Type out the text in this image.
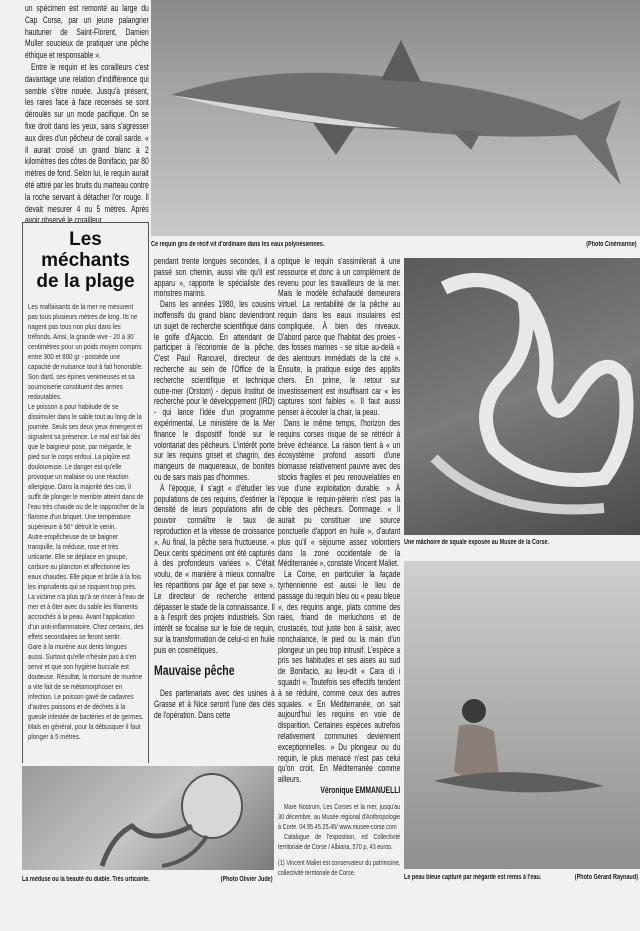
un spécimen est remonté au large du Cap Corse, par un jeune palangrier hauturier de Saint-Florent, Damien Muller soucieux de pratiquer une pêche éthique et responsable ».

Entre le requin et les corailleurs c'est davantage une relation d'indifférence qui semble s'être nouée. Jusqu'à présent, les rares face à face recensés se sont déroulés sur un mode pacifique. On se fixe droit dans les yeux, sans s'agresser aux dires d'un pêcheur de corail sarde. « Il aurait croisé un grand blanc à 2 kilomètres des côtes de Bonifacio, par 80 mètres de fond. Selon lui, le requin aurait été attiré par les bruits du marteau contre la roche servant à détacher l'or rouge. Il devait mesurer 4 ou 5 mètres. Après avoir observé le corailleur

Ce requin gris de récif vit d'ordinaire dans les eaux polynésiennes.	(Photo Cinémarine)
Les méchants de la plage

Les malfaisants de la mer ne mesurent pas tous plusieurs mètres de long. Ils ne nagent pas tous non plus dans les tréfonds. Ainsi, la grande vive - 20 à 30 centimètres pour un poids moyen compris entre 300 et 800 gr - possède une capacité de nuisance tout à fait honorable. Son dard, ses épines venimeuses et sa sournoiserie constituent des armes redoutables.

Le poisson a pour habitude de se dissimuler dans le sable tout au long de la journée. Seuls ses deux yeux émergent et signalent sa présence. Le mal est fait dès que le baigneur pose, par mégarde, le pied sur le corps enfoui. La piqûre est douloureuse. Le danger est qu'elle provoque un malaise ou une réaction allergique. Dans la majorité des cas, il suffit de plonger le membre atteint dans de l'eau très chaude ou de le rapprocher de la flamme d'un briquet. Une température supérieure à 56° détruit le venin.

Autre empêcheuse de se baigner tranquille, la méduse, rose et très urticante. Elle se déplace en groupe, carbure au plancton et affectionne les eaux chaudes. Elle pique et brûle à la fois les imprudents qui se risquent trop près. La victime n'a plus qu'à se rincer à l'eau de mer et à ôter avec du sable les filaments accrochés à la peau. Avant l'application d'un anti-inflammatoire. Chez certains, des effets secondaires se feront sentir.

Gare à la murène aux dents longues aussi. Surtout qu'elle n'hésite pas à s'en servir et que son hygiène buccale est douteuse. Résultat, la morsure de murène a vite fait de se métamorphoser en infection. Le poisson gavé de cadavres d'autres poissons et de déchets à la gueule infestée de bactéries et de germes. Mais en général, pour la débusquer il faut plonger à 5 mètres.

pendant trente longues secondes, il a passé son chemin, aussi vite qu'il est apparu », rapporte le spécialiste des monstres marins.

Dans les années 1980, les cousins inoffensifs du grand blanc deviendront un sujet de recherche scientifique dans le golfe d'Ajaccio. En attendant de participer à l'économie de la pêche. C'est Paul Rancurel, directeur de recherche au sein de l'Office de la recherche scientifique et technique outre-mer (Orstom) - depuis Institut de recherche pour le développement (IRD) - qui lance l'idée d'un programme expérimental. Le ministère de la Mer finance le dispositif fondé sur le volontariat des pêcheurs. L'intérêt porte sur les requins griset et chagrin, des mangeurs de maquereaux, de bonites ou de sars mais pas d'hommes.

À l'époque, il s'agit « d'étudier les populations de ces requins, d'estimer la densité de leurs populations afin de pouvoir connaître le taux de reproduction et la vitesse de croissance ». Au final, la pêche sera fructueuse. « Deux cents spécimens ont été capturés à des profondeurs variées ». C'était voulu, de « manière à mieux connaître les répartitions par âge et par sexe ». Le directeur de recherche entend dépasser le stade de la connaissance. Il a à l'esprit des projets industriels. Son intérêt se focalise sur le foie de requin, sur la transformation de celui-ci en huile puis en cosmétiques.

Mauvaise pêche

Des partenariats avec des usines à Grasse et à Nice seront l'une des clés de l'opération. Dans cette

optique le requin s'assimilerait à une ressource et donc à un complément de revenu pour les travailleurs de la mer. Mais le modèle échafaudé demeurera virtuel. La rentabilité de la pêche au requin dans les eaux insulaires est compliquée. À bien des niveaux. D'abord parce que l'habitat des proies - des fosses marines - se situe au-delà « des alentours immédiats de la cité ». Ensuite, la pratique exige des appâts chers. En prime, le retour sur investissement est insuffisant car « les captures sont faibles ». Il faut aussi penser à écouler la chair, la peau.

Dans le même temps, l'horizon des requins corses risque de se rétrécir à brève échéance. La raison tient à « un écosystème profond assorti d'une biomasse relativement pauvre avec des stocks fragiles et peu renouvelables en vue d'une exploitation durable. » À l'époque le requin-pèlerin n'est pas la cible des pêcheurs. Dommage. « Il aurait pu constituer une source ponctuelle d'apport en huile », d'autant plus qu'il « séjourne assez volontiers dans la zone occidentale de la Méditerranée », constate Vincent Maliet.

La Corse, en particulier la façade tyrhennienne est aussi le lieu de passage du requin bleu ou « peau bleue », des requins ange, plats comme des raies, friand de merluchons et de crustacés, tout juste bon à saisir, avec nonchalance, le pied ou la main d'un plongeur un peu trop intrusif. L'espèce a pris ses habitudes et ses aises au sud de Bonifacio, au lieu-dit « Cara di i squadri ». Toutefois ses effectifs tendent à se réduire, comme ceux des autres squales. « En Méditerranée, on sait aujourd'hui les requins en voie de disparition. Certaines espèces autrefois relativement communes deviennent exceptionnelles. » Du plongeur ou du requin, le plus menacé n'est pas celui qu'on croit. En Méditerranée comme ailleurs.

Véronique EMMANUELLI

Mare Nostrum, Les Corses et la mer, jusqu'au 30 décembre. au Musée régional d'Anthropologie à Corte. 04.95.45.25.45/ www.musee-corse.com

Catalogue de l'exposition, ed Collectivité territoriale de Corse / Albiana, 570 p, 43 euros.

(1) Vincent Maliet est conservateur du patrimoine, collectivité territoriale de Corse.
Une mâchoire de squale exposée au Musée de la Corse.
Le peau bleue capturé par mégarde est remis à l'eau.	(Photo Gérard Raynaud)
La méduse ou la beauté du diable. Très urticante.	(Photo Olivier Jude)
